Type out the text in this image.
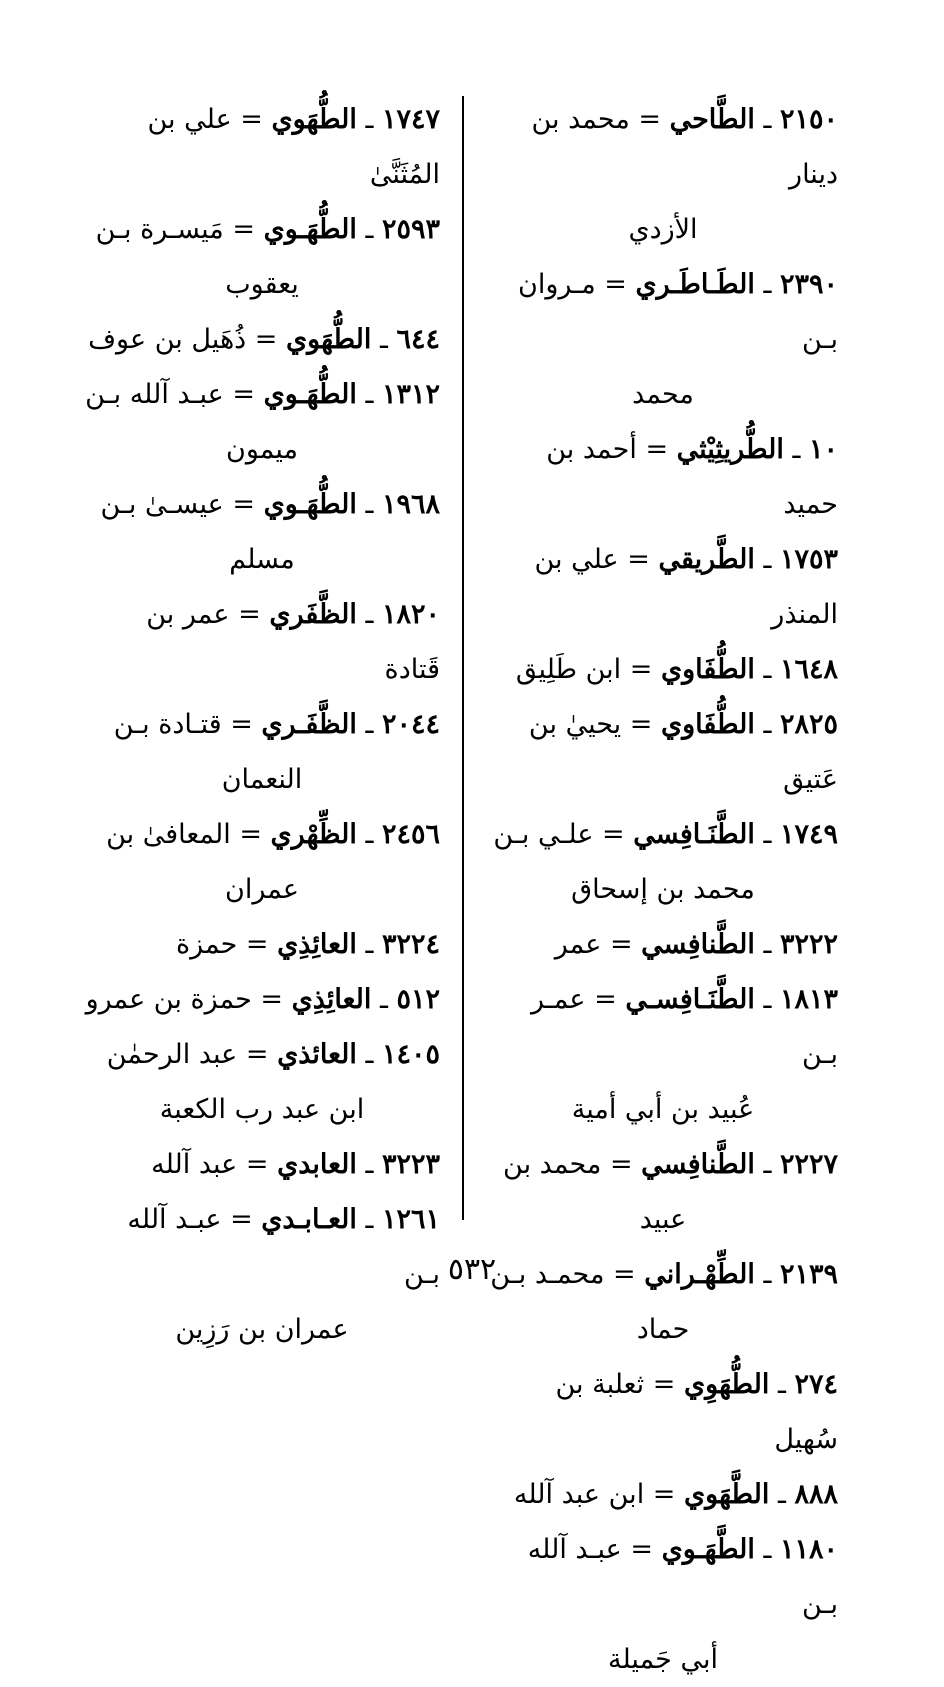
٢١٥٠ ـ الطَّاحي = محمد بن دينار
الأزدي

٢٣٩٠ ـ الطَـاطَـري = مـروان بـن
محمد

١٠ ـ الطُّريثِيْثي = أحمد بن حميد

١٧٥٣ ـ الطَّريقي = علي بن المنذر

١٦٤٨ ـ الطُّفَاوي = ابن طَلِيق

٢٨٢٥ ـ الطُّفَاوي = يحييٰ بن عَتيق

١٧٤٩ ـ الطَّنَـافِسي = علـي بـن
محمد بن إسحاق

٣٢٢٢ ـ الطَّنافِسي = عمر

١٨١٣ ـ الطَّنَـافِسـي = عمـر بـن
عُبيد بن أبي أمية

٢٢٢٧ ـ الطَّنافِسي = محمد بن
عبيد

٢١٣٩ ـ الطِّهْـراني = محمـد بـن
حماد

٢٧٤ ـ الطُّهَوِي = ثعلبة بن سُهيل

٨٨٨ ـ الطَّهَوي = ابن عبد آلله

١١٨٠ ـ الطَّهَـوي = عبـد آلله بـن
أبي جَميلة

١٧٤٧ ـ الطُّهَوي = علي بن المُثَنَّىٰ

٢٥٩٣ ـ الطُّهَـوي = مَيسـرة بـن
يعقوب

٦٤٤ ـ الطُّهَوي = ذُهَيل بن عوف

١٣١٢ ـ الطُّهَـوي = عبـد آلله بـن
ميمون

١٩٦٨ ـ الطُّهَـوي = عيسـىٰ بـن
مسلم

١٨٢٠ ـ الظَّفَري = عمر بن قَتادة

٢٠٤٤ ـ الظَّفَـري = قتـادة بـن
النعمان

٢٤٥٦ ـ الظِّهْري = المعافىٰ بن
عمران

٣٢٢٤ ـ العائِذِي = حمزة

٥١٢ ـ العائِذِي = حمزة بن عمرو

١٤٠٥ ـ العائذي = عبد الرحمٰن
ابن عبد رب الكعبة

٣٢٢٣ ـ العابدي = عبد آلله

١٢٦١ ـ العـابـدي = عبـد آلله بـن
عمران بن رَزِين

٥٣٢
